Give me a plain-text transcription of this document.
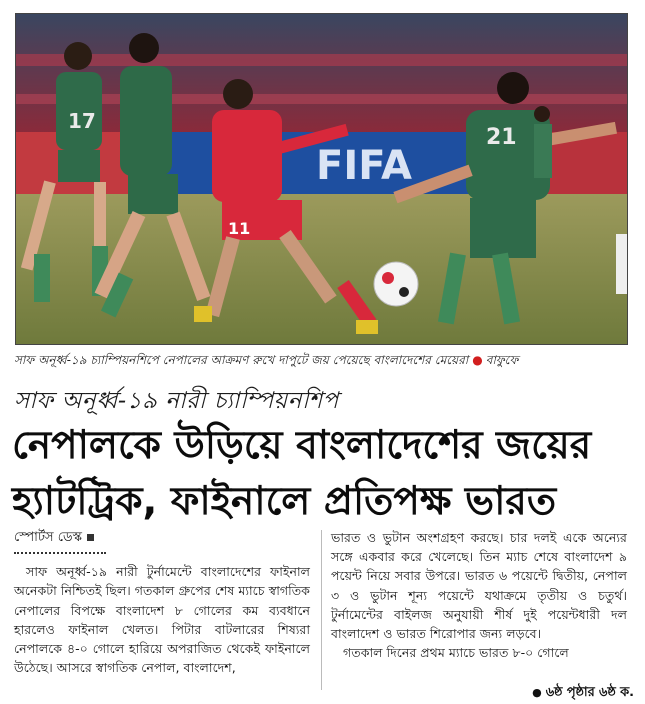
FIFA
17
11
21
সাফ অনূর্ধ্ব-১৯ চ্যাম্পিয়নশিপে নেপালের আক্রমণ রুখে দাপুটে জয় পেয়েছে বাংলাদেশের মেয়েরা ● বাফুফে
সাফ অনূর্ধ্ব-১৯ নারী চ্যাম্পিয়নশিপ
নেপালকে উড়িয়ে বাংলাদেশের জয়ের
হ্যাটট্রিক, ফাইনালে প্রতিপক্ষ ভারত
স্পোর্টস ডেস্ক
সাফ অনূর্ধ্ব-১৯ নারী টুর্নামেন্টে বাংলাদেশের ফাইনাল অনেকটা নিশ্চিতই ছিল। গতকাল গ্রুপের শেষ ম্যাচে স্বাগতিক নেপালের বিপক্ষে বাংলাদেশ ৮ গোলের কম ব্যবধানে হারলেও ফাইনাল খেলত। পিটার বাটলারের শিষ্যরা নেপালকে ৪-০ গোলে হারিয়ে অপরাজিত থেকেই ফাইনালে উঠেছে। আসরে স্বাগতিক নেপাল, বাংলাদেশ,
ভারত ও ভুটান অংশগ্রহণ করছে। চার দলই একে অন্যের সঙ্গে একবার করে খেলেছে। তিন ম্যাচ শেষে বাংলাদেশ ৯ পয়েন্ট নিয়ে সবার উপরে। ভারত ৬ পয়েন্টে দ্বিতীয়, নেপাল ৩ ও ভুটান শূন্য পয়েন্টে যথাক্রমে তৃতীয় ও চতুর্থ। টুর্নামেন্টের বাইলজ অনুযায়ী শীর্ষ দুই পয়েন্টধারী দল বাংলাদেশ ও ভারত শিরোপার জন্য লড়বে।
গতকাল দিনের প্রথম ম্যাচে ভারত ৮-০ গোলে
● ৬ষ্ঠ পৃষ্ঠার ৬ষ্ঠ ক.
